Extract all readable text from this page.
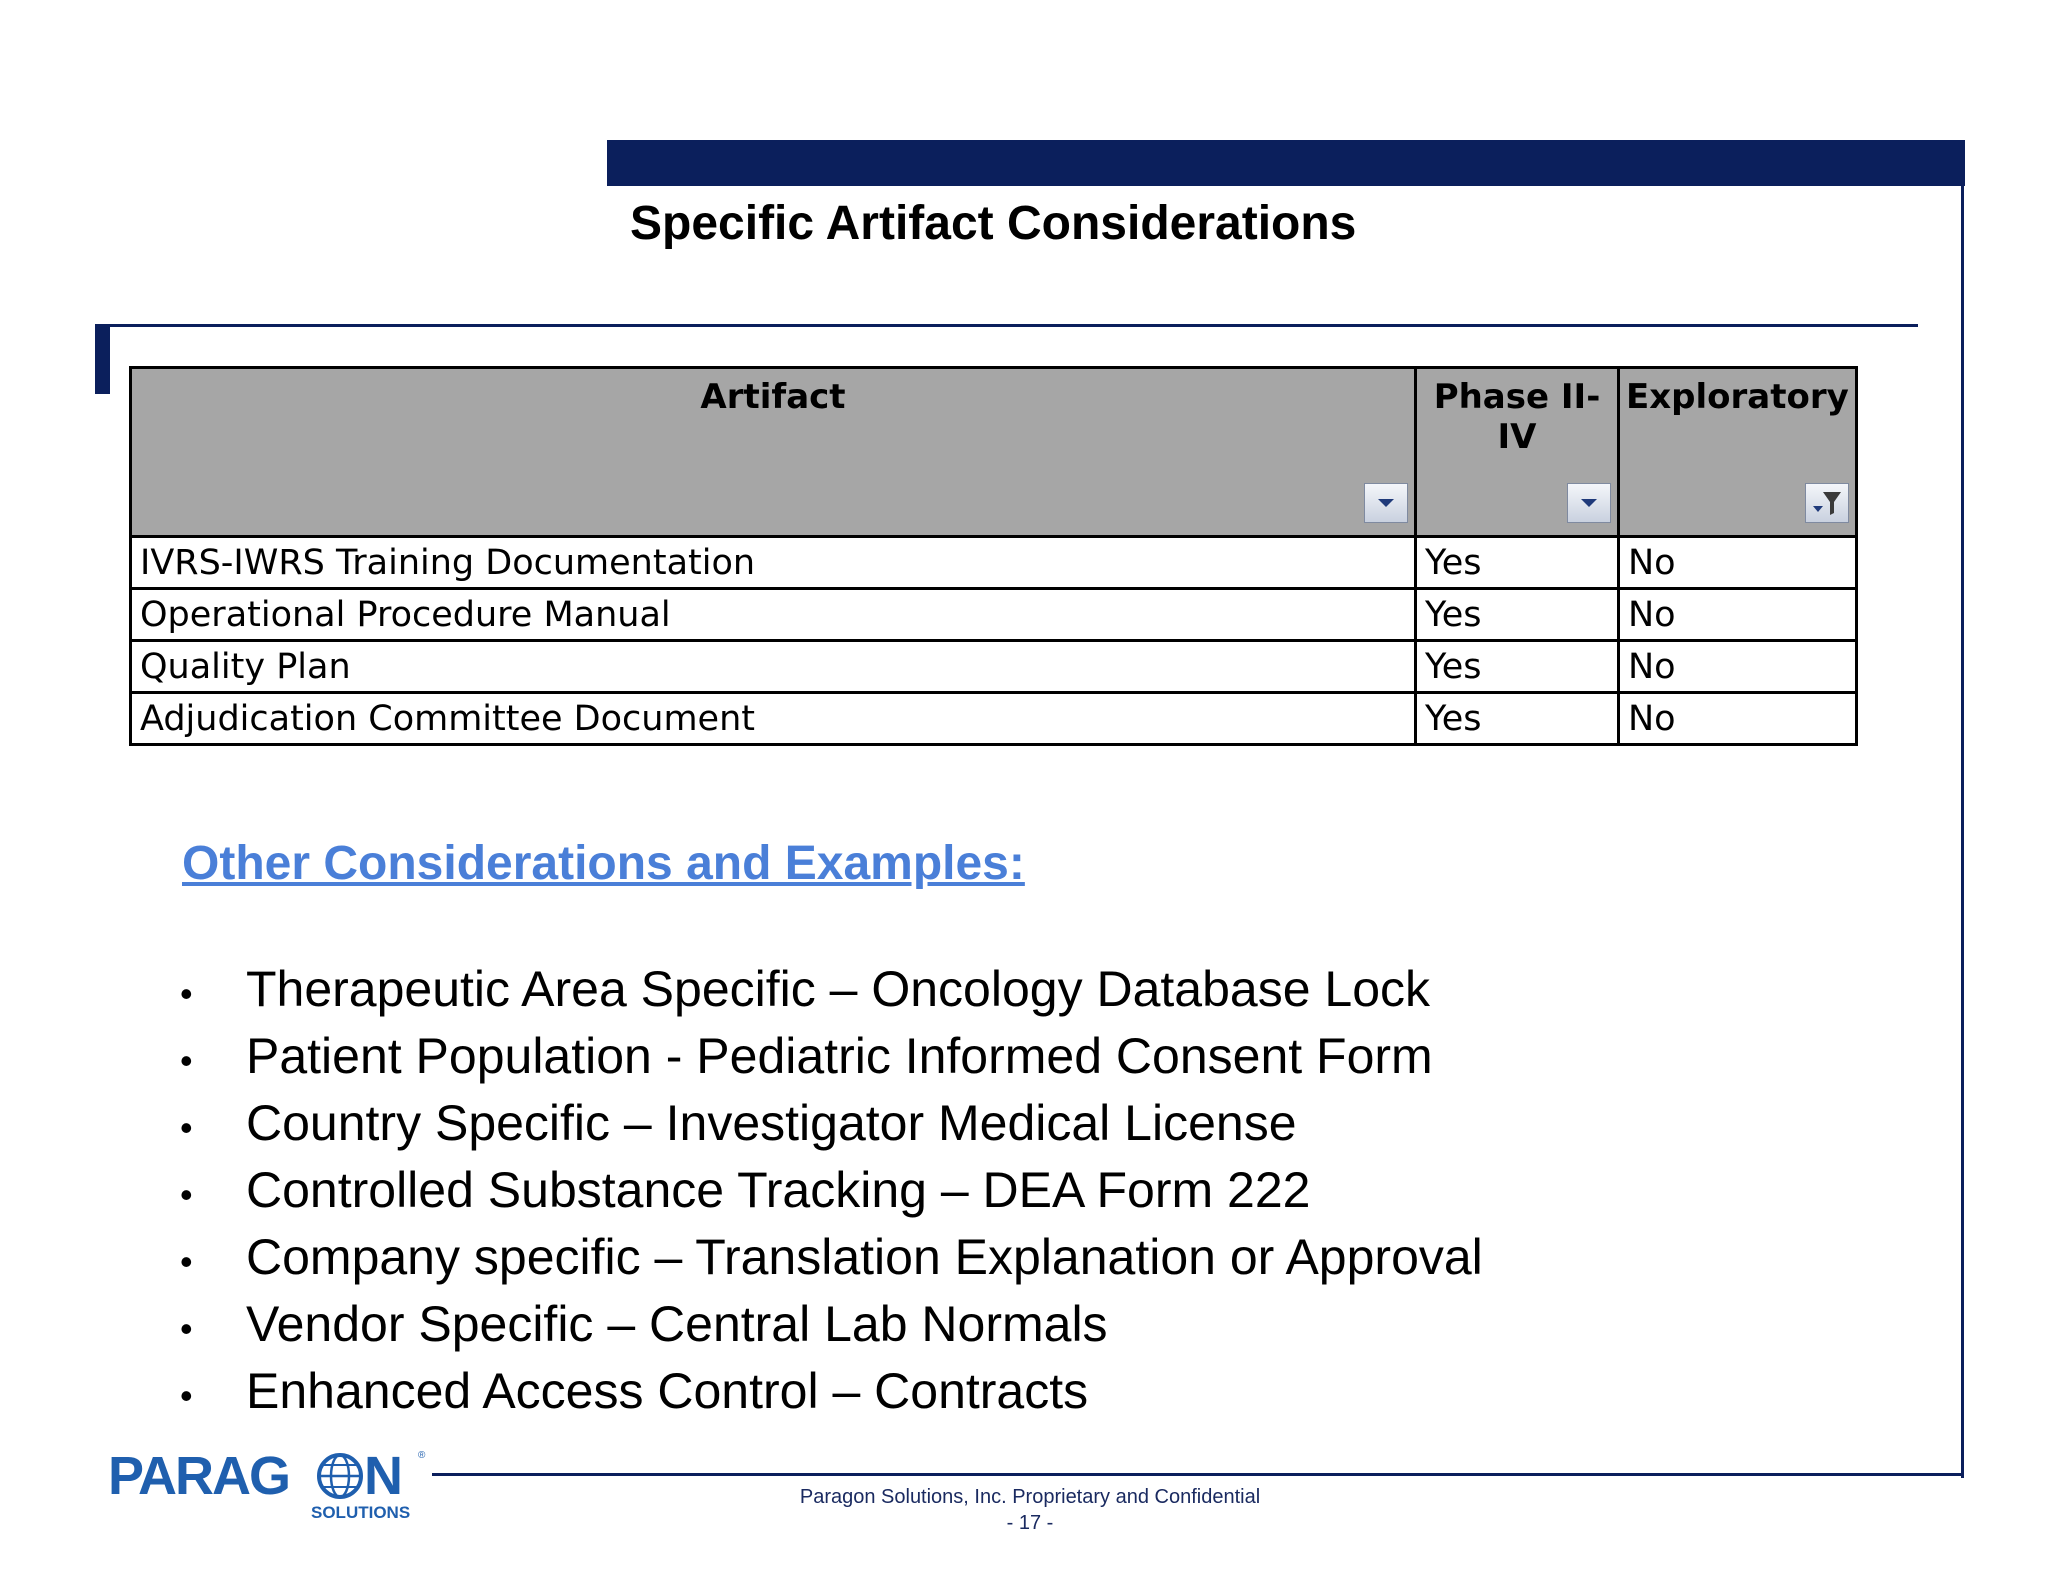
Specific Artifact Considerations
Artifact	Phase II-IV	Exploratory

IVRS-IWRS Training Documentation	Yes	No
Operational Procedure Manual	Yes	No
Quality Plan	Yes	No
Adjudication Committee Document	Yes	No
Other Considerations and Examples:
•	Therapeutic Area Specific – Oncology Database Lock
•	Patient Population - Pediatric Informed Consent Form
•	Country Specific – Investigator Medical License
•	Controlled Substance Tracking – DEA Form 222
•	Company specific – Translation Explanation or Approval
•	Vendor Specific – Central Lab Normals
•	Enhanced Access Control – Contracts
PARAG N ®
SOLUTIONS
Paragon Solutions, Inc. Proprietary and Confidential
- 17 -
